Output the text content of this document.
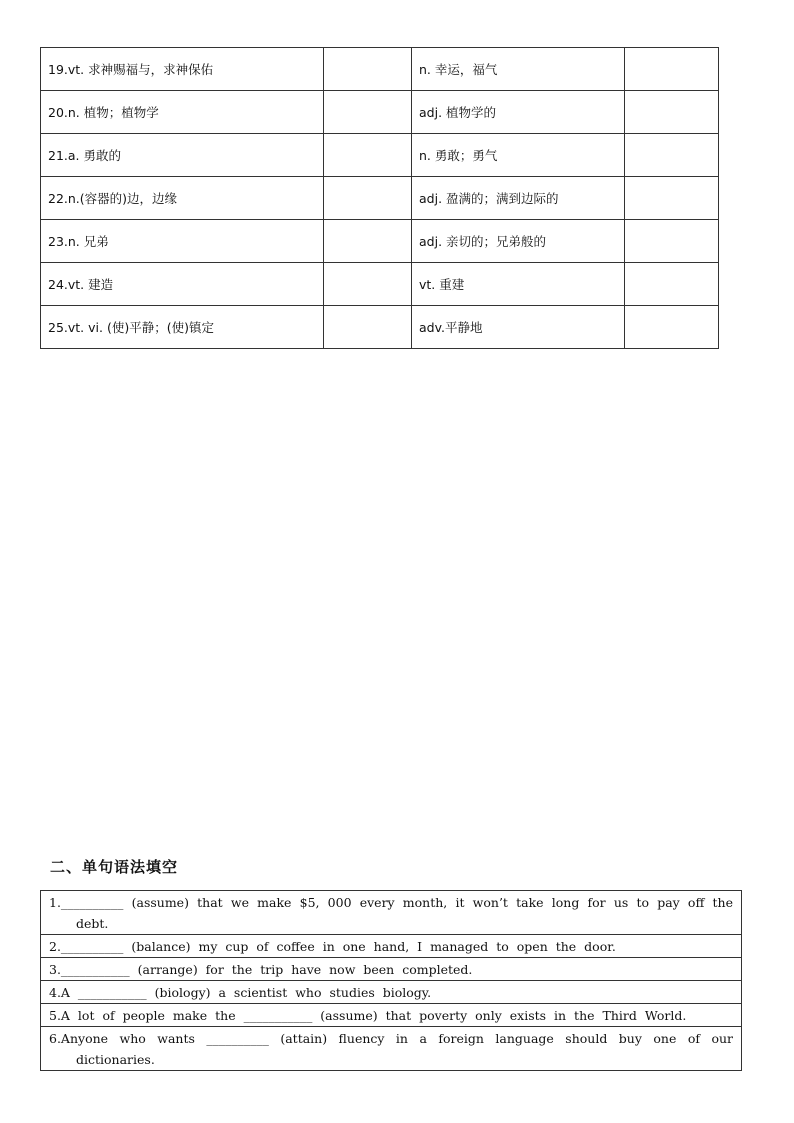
19.vt. 求神赐福与，求神保佑		n. 幸运，福气	
20.n. 植物；植物学		adj. 植物学的	
21.a. 勇敢的		n. 勇敢；勇气	
22.n.(容器的)边，边缘		adj. 盈满的；满到边际的	
23.n. 兄弟		adj. 亲切的；兄弟般的	
24.vt. 建造		vt. 重建	
25.vt. vi. (使)平静；(使)镇定		adv.平静地	
二、单句语法填空
1.__________ (assume) that we make $5, 000 every month, it won’t take long for us to pay off the debt.

2.__________ (balance) my cup of coffee in one hand, I managed to open the door.

3.___________ (arrange) for the trip have now been completed.

4.A ___________ (biology) a scientist who studies biology.

5.A lot of people make the ___________ (assume) that poverty only exists in the Third World.

6.Anyone who wants __________ (attain) fluency in a foreign language should buy one of our dictionaries.
